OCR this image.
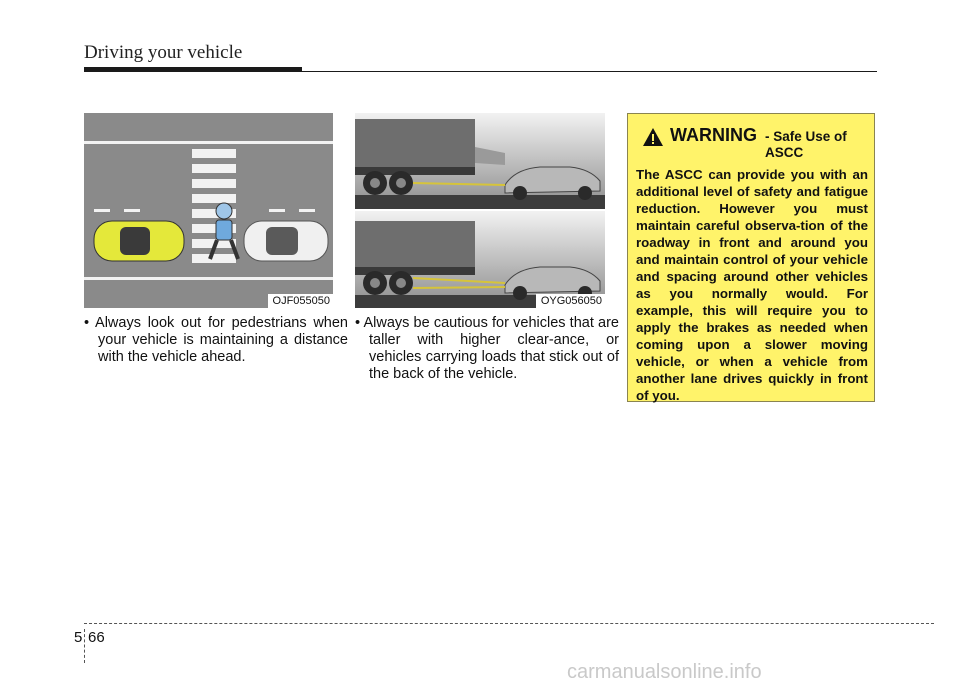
Driving your vehicle
OJF055050	OYG056050
• Always look out for pedestrians when your vehicle is maintaining a distance with the vehicle ahead.
• Always be cautious for vehicles that are taller with higher clear-ance, or vehicles carrying loads that stick out of the back of the vehicle.
WARNING - Safe Use of ASCC
The ASCC can provide you with an additional level of safety and fatigue reduction. However you must maintain careful observa-tion of the roadway in front and around you and maintain control of your vehicle and spacing around other vehicles as you normally would. For example, this will require you to apply the brakes as needed when coming upon a slower moving vehicle, or when a vehicle from another lane drives quickly in front of you.
5 66
carmanualsonline.info
